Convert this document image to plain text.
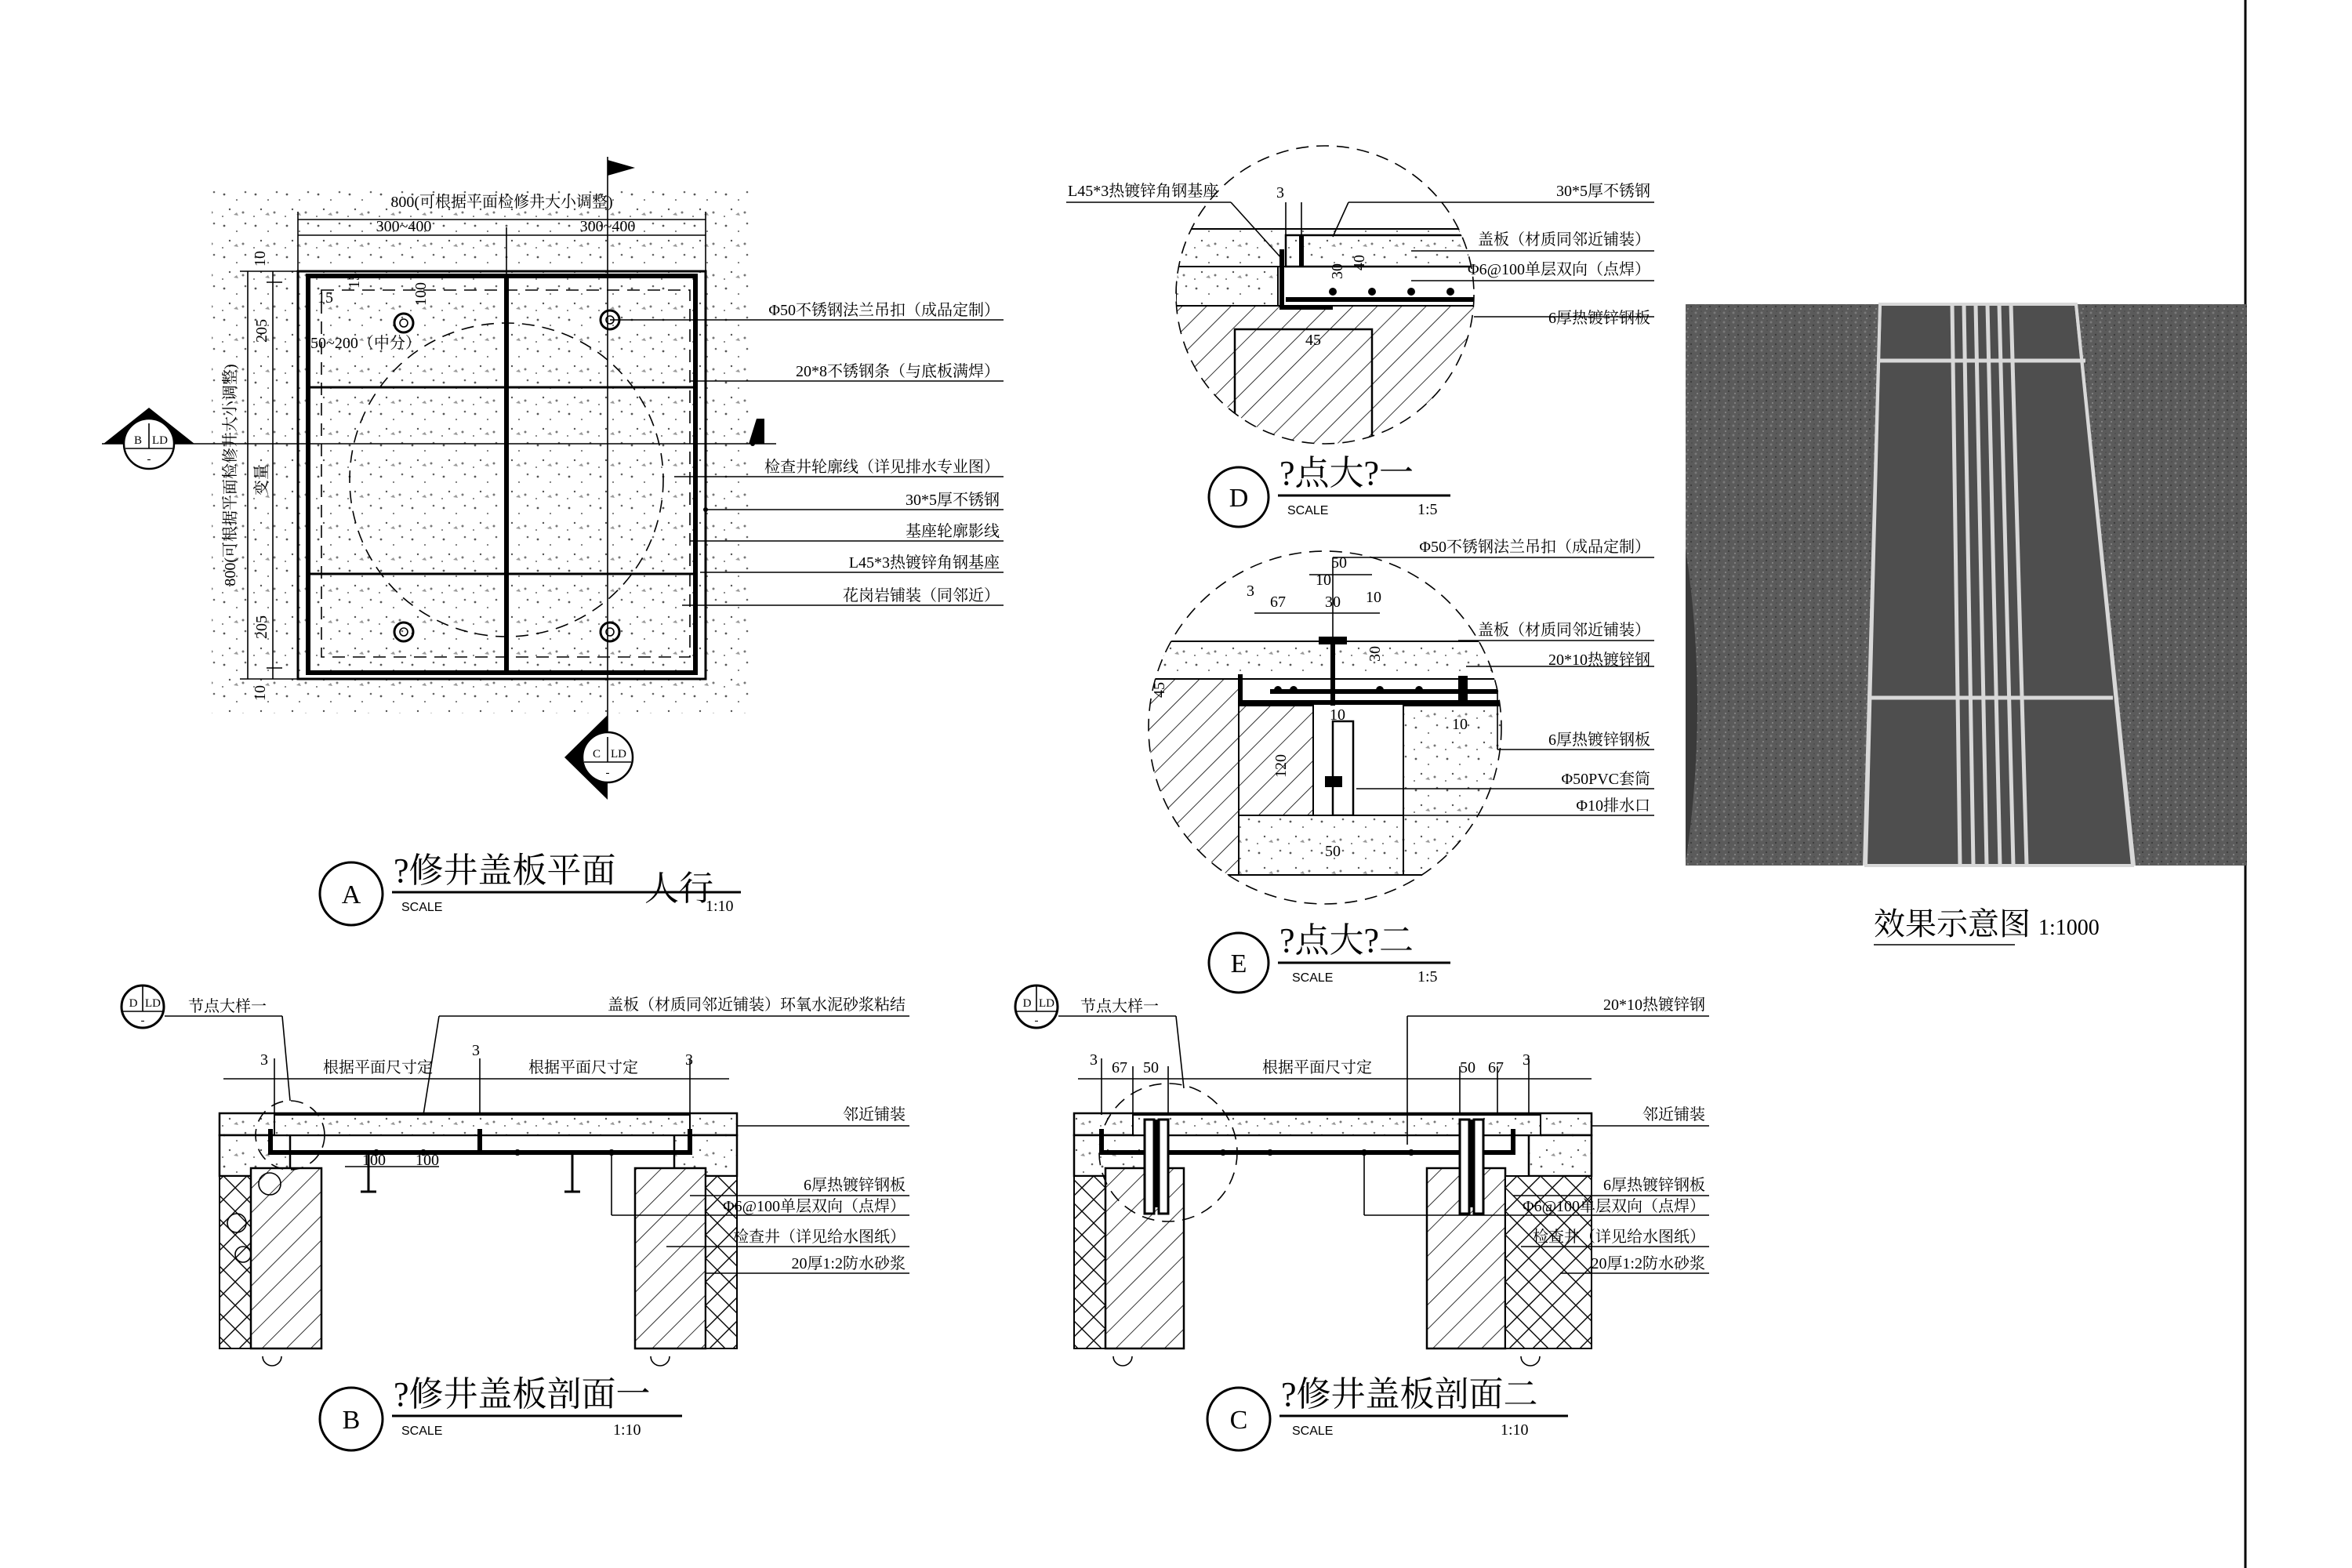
800(可根据平面检修井大小调整)
300~400	300~400
15
15
100
50~200（中分）
800(可根据平面检修井大小调整)
10
205
变量
205
10
B LD
-
C LD
-
Φ50不锈钢法兰吊扣（成品定制）
20*8不锈钢条（与底板满焊）
检查井轮廓线（详见排水专业图）
30*5厚不锈钢
基座轮廓影线
L45*3热镀锌角钢基座
花岗岩铺装（同邻近）
A
?修井盖板平面 人行
SCALE	1:10
3
30
40
45
L45*3热镀锌角钢基座	30*5厚不锈钢
盖板（材质同邻近铺装）
Φ6@100单层双向（点焊）
6厚热镀锌钢板
D
?点大?一
SCALE	1:5
50
10
3
67	30 10
30
45
10
10
120
50
Φ50不锈钢法兰吊扣（成品定制）
盖板（材质同邻近铺装）
20*10热镀锌钢
6厚热镀锌钢板
Φ50PVC套筒
Φ10排水口
E
?点大?二
SCALE	1:5
效果示意图 1:1000
3	根据平面尺寸定
3
根据平面尺寸定	3
100 100
D LD
-
节点大样一	盖板（材质同邻近铺装）环氧水泥砂浆粘结
邻近铺装
6厚热镀锌钢板
Φ6@100单层双向（点焊）
检查井（详见给水图纸）
20厚1:2防水砂浆
B
?修井盖板剖面一
SCALE	1:10
3 67 50	根据平面尺寸定	50 67 3
D LD
-
节点大样一	20*10热镀锌钢
邻近铺装
6厚热镀锌钢板
Φ6@100单层双向（点焊）
检查井（详见给水图纸）
20厚1:2防水砂浆
C
?修井盖板剖面二
SCALE	1:10
